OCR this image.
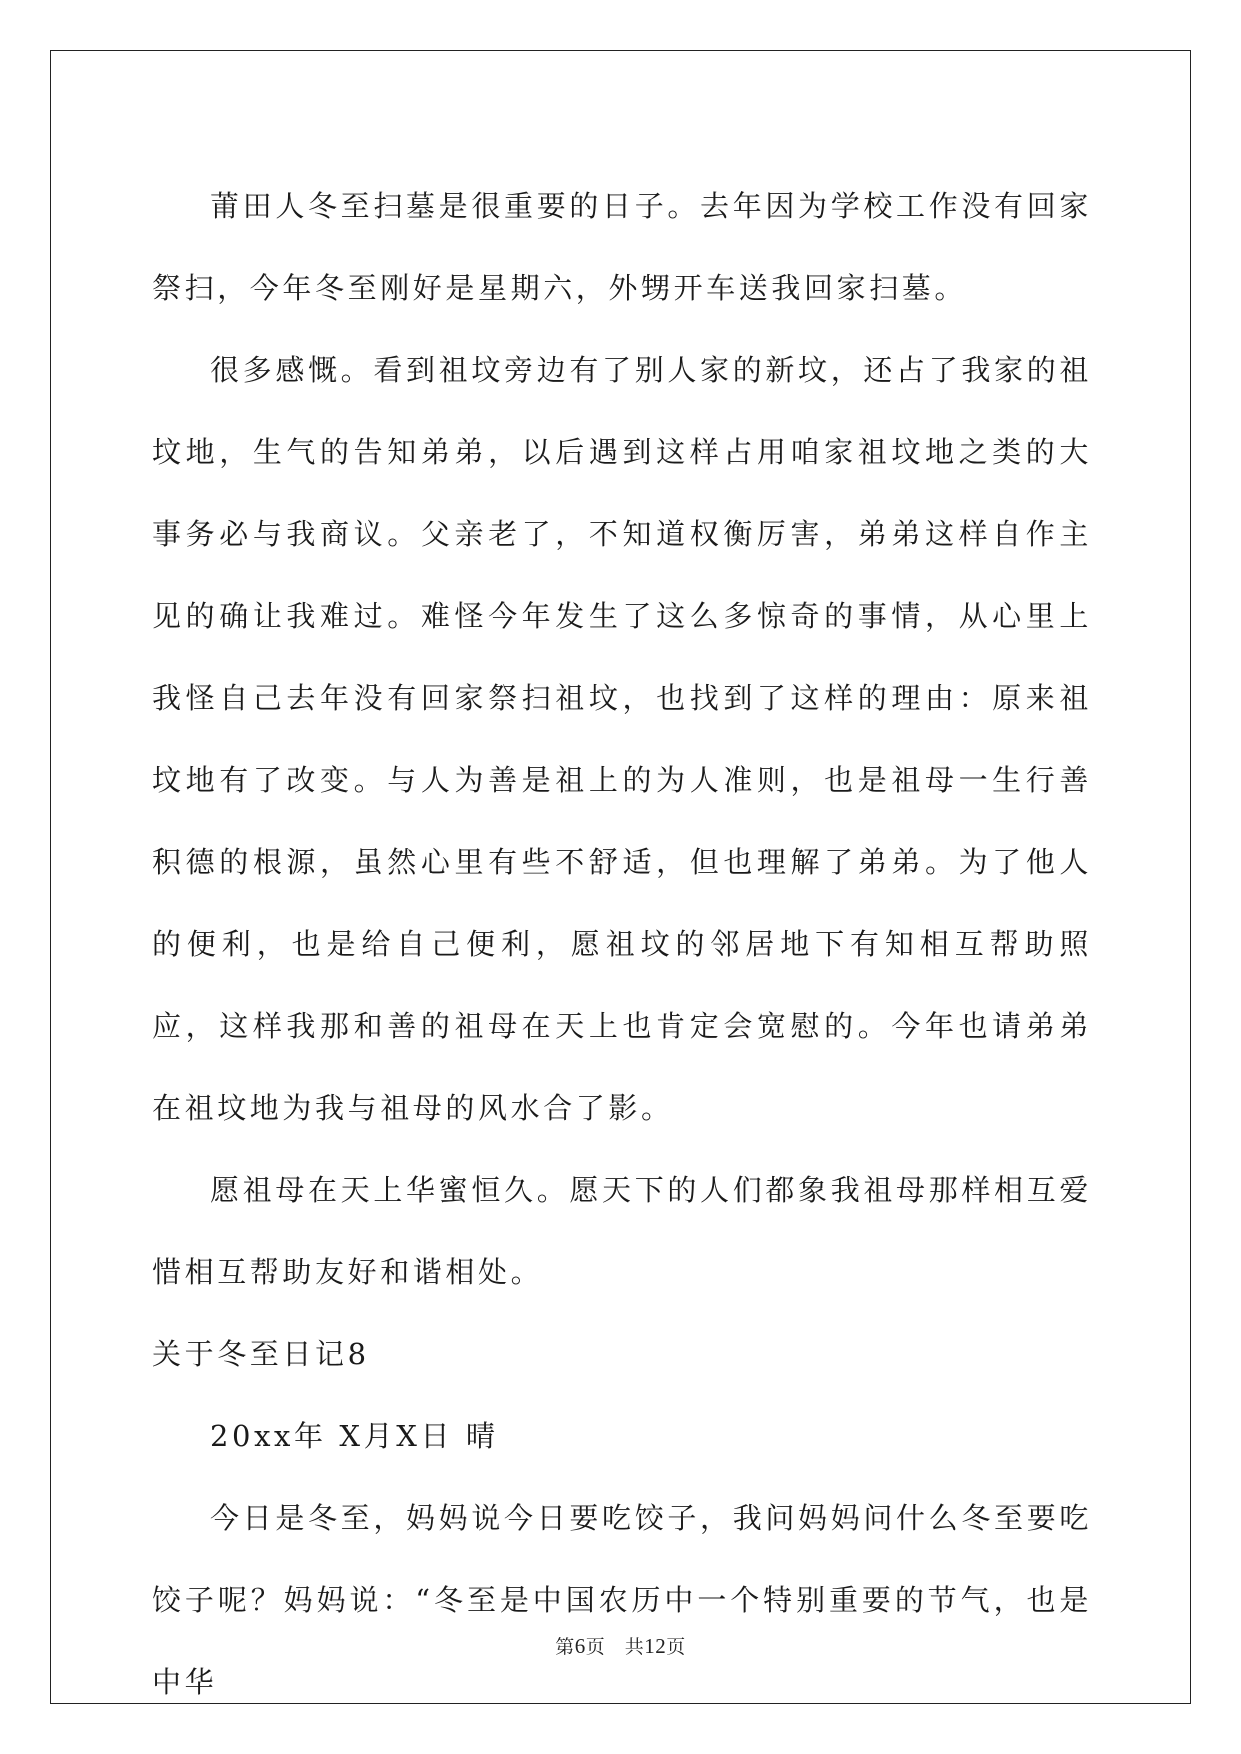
莆田人冬至扫墓是很重要的日子。去年因为学校工作没有回家祭扫，今年冬至刚好是星期六，外甥开车送我回家扫墓。

很多感慨。看到祖坟旁边有了别人家的新坟，还占了我家的祖坟地，生气的告知弟弟，以后遇到这样占用咱家祖坟地之类的大事务必与我商议。父亲老了，不知道权衡厉害，弟弟这样自作主见的确让我难过。难怪今年发生了这么多惊奇的事情，从心里上我怪自己去年没有回家祭扫祖坟，也找到了这样的理由：原来祖坟地有了改变。与人为善是祖上的为人准则，也是祖母一生行善积德的根源，虽然心里有些不舒适，但也理解了弟弟。为了他人的便利，也是给自己便利，愿祖坟的邻居地下有知相互帮助照应，这样我那和善的祖母在天上也肯定会宽慰的。今年也请弟弟在祖坟地为我与祖母的风水合了影。

愿祖母在天上华蜜恒久。愿天下的人们都象我祖母那样相互爱惜相互帮助友好和谐相处。

关于冬至日记8

20xx年 X月X日 晴

今日是冬至，妈妈说今日要吃饺子，我问妈妈问什么冬至要吃饺子呢？妈妈说：“冬至是中国农历中一个特别重要的节气，也是中华

第6页　共12页
